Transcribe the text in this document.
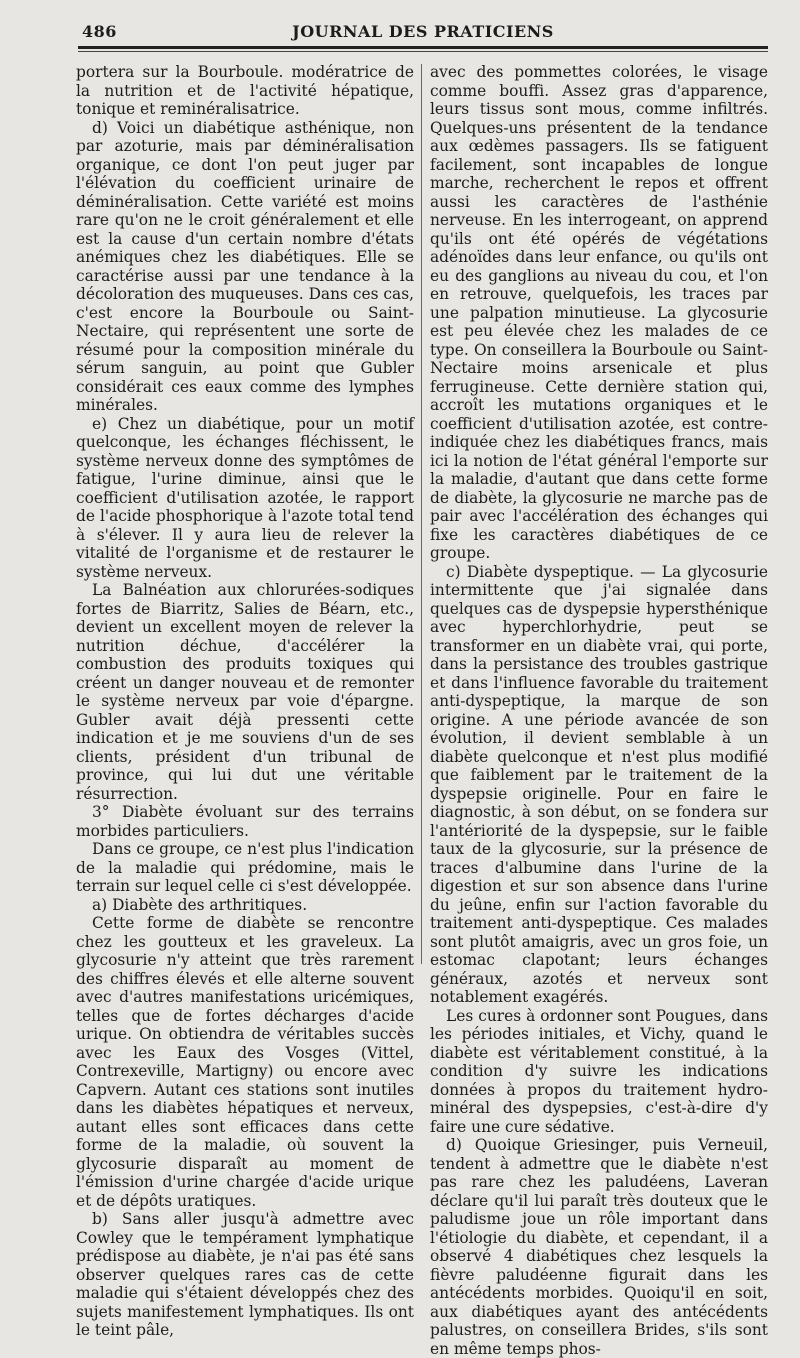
486	JOURNAL DES PRATICIENS

portera sur la Bourboule. modératrice de la nutrition et de l'activité hépatique, tonique et reminéralisatrice.

d) Voici un diabétique asthénique, non par azoturie, mais par déminéralisation organique, ce dont l'on peut juger par l'élévation du coefficient urinaire de déminéralisation. Cette variété est moins rare qu'on ne le croit généralement et elle est la cause d'un certain nombre d'états anémiques chez les diabétiques. Elle se caractérise aussi par une tendance à la décoloration des muqueuses. Dans ces cas, c'est encore la Bourboule ou Saint-Nectaire, qui représentent une sorte de résumé pour la composition minérale du sérum sanguin, au point que Gubler considérait ces eaux comme des lymphes minérales.

e) Chez un diabétique, pour un motif quelconque, les échanges fléchissent, le système nerveux donne des symptômes de fatigue, l'urine diminue, ainsi que le coefficient d'utilisation azotée, le rapport de l'acide phosphorique à l'azote total tend à s'élever. Il y aura lieu de relever la vitalité de l'organisme et de restaurer le système nerveux.

La Balnéation aux chlorurées-sodiques fortes de Biarritz, Salies de Béarn, etc., devient un excellent moyen de relever la nutrition déchue, d'accélérer la combustion des produits toxiques qui créent un danger nouveau et de remonter le système nerveux par voie d'épargne. Gubler avait déjà pressenti cette indication et je me souviens d'un de ses clients, président d'un tribunal de province, qui lui dut une véritable résurrection.

3° Diabète évoluant sur des terrains morbides particuliers.

Dans ce groupe, ce n'est plus l'indication de la maladie qui prédomine, mais le terrain sur lequel celle ci s'est développée.

a) Diabète des arthritiques.

Cette forme de diabète se rencontre chez les goutteux et les graveleux. La glycosurie n'y atteint que très rarement des chiffres élevés et elle alterne souvent avec d'autres manifestations uricémiques, telles que de fortes décharges d'acide urique. On obtiendra de véritables succès avec les Eaux des Vosges (Vittel, Contrexeville, Martigny) ou encore avec Capvern. Autant ces stations sont inutiles dans les diabètes hépatiques et nerveux, autant elles sont efficaces dans cette forme de la maladie, où souvent la glycosurie disparaît au moment de l'émission d'urine chargée d'acide urique et de dépôts uratiques.

b) Sans aller jusqu'à admettre avec Cowley que le tempérament lymphatique prédispose au diabète, je n'ai pas été sans observer quelques rares cas de cette maladie qui s'étaient développés chez des sujets manifestement lymphatiques. Ils ont le teint pâle,

avec des pommettes colorées, le visage comme bouffi. Assez gras d'apparence, leurs tissus sont mous, comme infiltrés. Quelques-uns présentent de la tendance aux œdèmes passagers. Ils se fatiguent facilement, sont incapables de longue marche, recherchent le repos et offrent aussi les caractères de l'asthénie nerveuse. En les interrogeant, on apprend qu'ils ont été opérés de végétations adénoïdes dans leur enfance, ou qu'ils ont eu des ganglions au niveau du cou, et l'on en retrouve, quelquefois, les traces par une palpation minutieuse. La glycosurie est peu élevée chez les malades de ce type. On conseillera la Bourboule ou Saint-Nectaire moins arsenicale et plus ferrugineuse. Cette dernière station qui, accroît les mutations organiques et le coefficient d'utilisation azotée, est contre-indiquée chez les diabétiques francs, mais ici la notion de l'état général l'emporte sur la maladie, d'autant que dans cette forme de diabète, la glycosurie ne marche pas de pair avec l'accélération des échanges qui fixe les caractères diabétiques de ce groupe.

c) Diabète dyspeptique. — La glycosurie intermittente que j'ai signalée dans quelques cas de dyspepsie hypersthénique avec hyperchlorhydrie, peut se transformer en un diabète vrai, qui porte, dans la persistance des troubles gastrique et dans l'influence favorable du traitement anti-dyspeptique, la marque de son origine. A une période avancée de son évolution, il devient semblable à un diabète quelconque et n'est plus modifié que faiblement par le traitement de la dyspepsie originelle. Pour en faire le diagnostic, à son début, on se fondera sur l'antériorité de la dyspepsie, sur le faible taux de la glycosurie, sur la présence de traces d'albumine dans l'urine de la digestion et sur son absence dans l'urine du jeûne, enfin sur l'action favorable du traitement anti-dyspeptique. Ces malades sont plutôt amaigris, avec un gros foie, un estomac clapotant; leurs échanges généraux, azotés et nerveux sont notablement exagérés.

Les cures à ordonner sont Pougues, dans les périodes initiales, et Vichy, quand le diabète est véritablement constitué, à la condition d'y suivre les indications données à propos du traitement hydro-minéral des dyspepsies, c'est-à-dire d'y faire une cure sédative.

d) Quoique Griesinger, puis Verneuil, tendent à admettre que le diabète n'est pas rare chez les paludéens, Laveran déclare qu'il lui paraît très douteux que le paludisme joue un rôle important dans l'étiologie du diabète, et cependant, il a observé 4 diabétiques chez lesquels la fièvre paludéenne figurait dans les antécédents morbides. Quoiqu'il en soit, aux diabétiques ayant des antécédents palustres, on conseillera Brides, s'ils sont en même temps phos-
